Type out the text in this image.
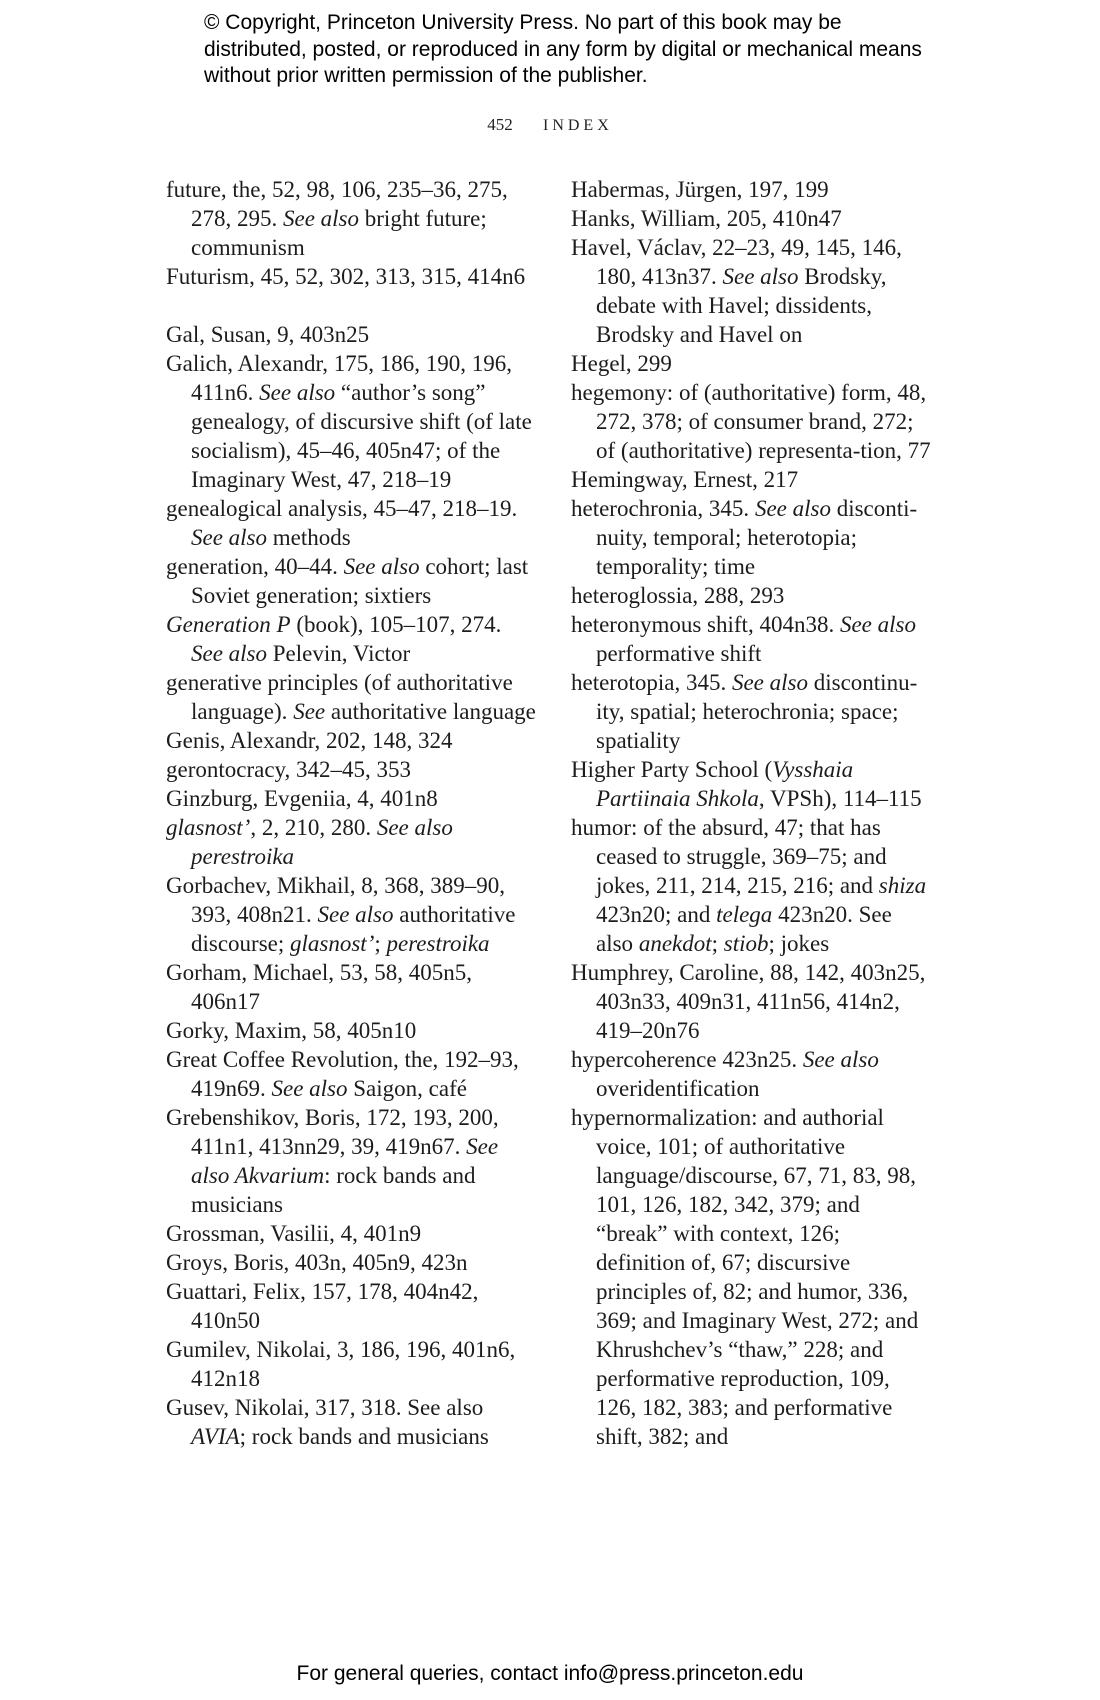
© Copyright, Princeton University Press. No part of this book may be distributed, posted, or reproduced in any form by digital or mechanical means without prior written permission of the publisher.
452 INDEX
future, the, 52, 98, 106, 235–36, 275, 278, 295. See also bright future; communism
Futurism, 45, 52, 302, 313, 315, 414n6
Gal, Susan, 9, 403n25
Galich, Alexandr, 175, 186, 190, 196, 411n6. See also “author’s song” genealogy, of discursive shift (of late socialism), 45–46, 405n47; of the Imaginary West, 47, 218–19
genealogical analysis, 45–47, 218–19. See also methods
generation, 40–44. See also cohort; last Soviet generation; sixtiers
Generation P (book), 105–107, 274. See also Pelevin, Victor
generative principles (of authoritative language). See authoritative language
Genis, Alexandr, 202, 148, 324
gerontocracy, 342–45, 353
Ginzburg, Evgeniia, 4, 401n8
glasnost’, 2, 210, 280. See also perestroika
Gorbachev, Mikhail, 8, 368, 389–90, 393, 408n21. See also authoritative discourse; glasnost’; perestroika
Gorham, Michael, 53, 58, 405n5, 406n17
Gorky, Maxim, 58, 405n10
Great Coffee Revolution, the, 192–93, 419n69. See also Saigon, café
Grebenshikov, Boris, 172, 193, 200, 411n1, 413nn29, 39, 419n67. See also Akvarium: rock bands and musicians
Grossman, Vasilii, 4, 401n9
Groys, Boris, 403n, 405n9, 423n
Guattari, Felix, 157, 178, 404n42, 410n50
Gumilev, Nikolai, 3, 186, 196, 401n6, 412n18
Gusev, Nikolai, 317, 318. See also AVIA; rock bands and musicians
Habermas, Jürgen, 197, 199
Hanks, William, 205, 410n47
Havel, Václav, 22–23, 49, 145, 146, 180, 413n37. See also Brodsky, debate with Havel; dissidents, Brodsky and Havel on
Hegel, 299
hegemony: of (authoritative) form, 48, 272, 378; of consumer brand, 272; of (authoritative) representa-tion, 77
Hemingway, Ernest, 217
heterochronia, 345. See also disconti-nuity, temporal; heterotopia; temporality; time
heteroglossia, 288, 293
heteronymous shift, 404n38. See also performative shift
heterotopia, 345. See also discontinu-ity, spatial; heterochronia; space; spatiality
Higher Party School (Vysshaia Partiinaia Shkola, VPSh), 114–115
humor: of the absurd, 47; that has ceased to struggle, 369–75; and jokes, 211, 214, 215, 216; and shiza 423n20; and telega 423n20. See also anekdot; stiob; jokes
Humphrey, Caroline, 88, 142, 403n25, 403n33, 409n31, 411n56, 414n2, 419–20n76
hypercoherence 423n25. See also overidentification
hypernormalization: and authorial voice, 101; of authoritative language/discourse, 67, 71, 83, 98, 101, 126, 182, 342, 379; and “break” with context, 126; definition of, 67; discursive principles of, 82; and humor, 336, 369; and Imaginary West, 272; and Khrushchev’s “thaw,” 228; and performative reproduction, 109, 126, 182, 383; and performative shift, 382; and
For general queries, contact info@press.princeton.edu
